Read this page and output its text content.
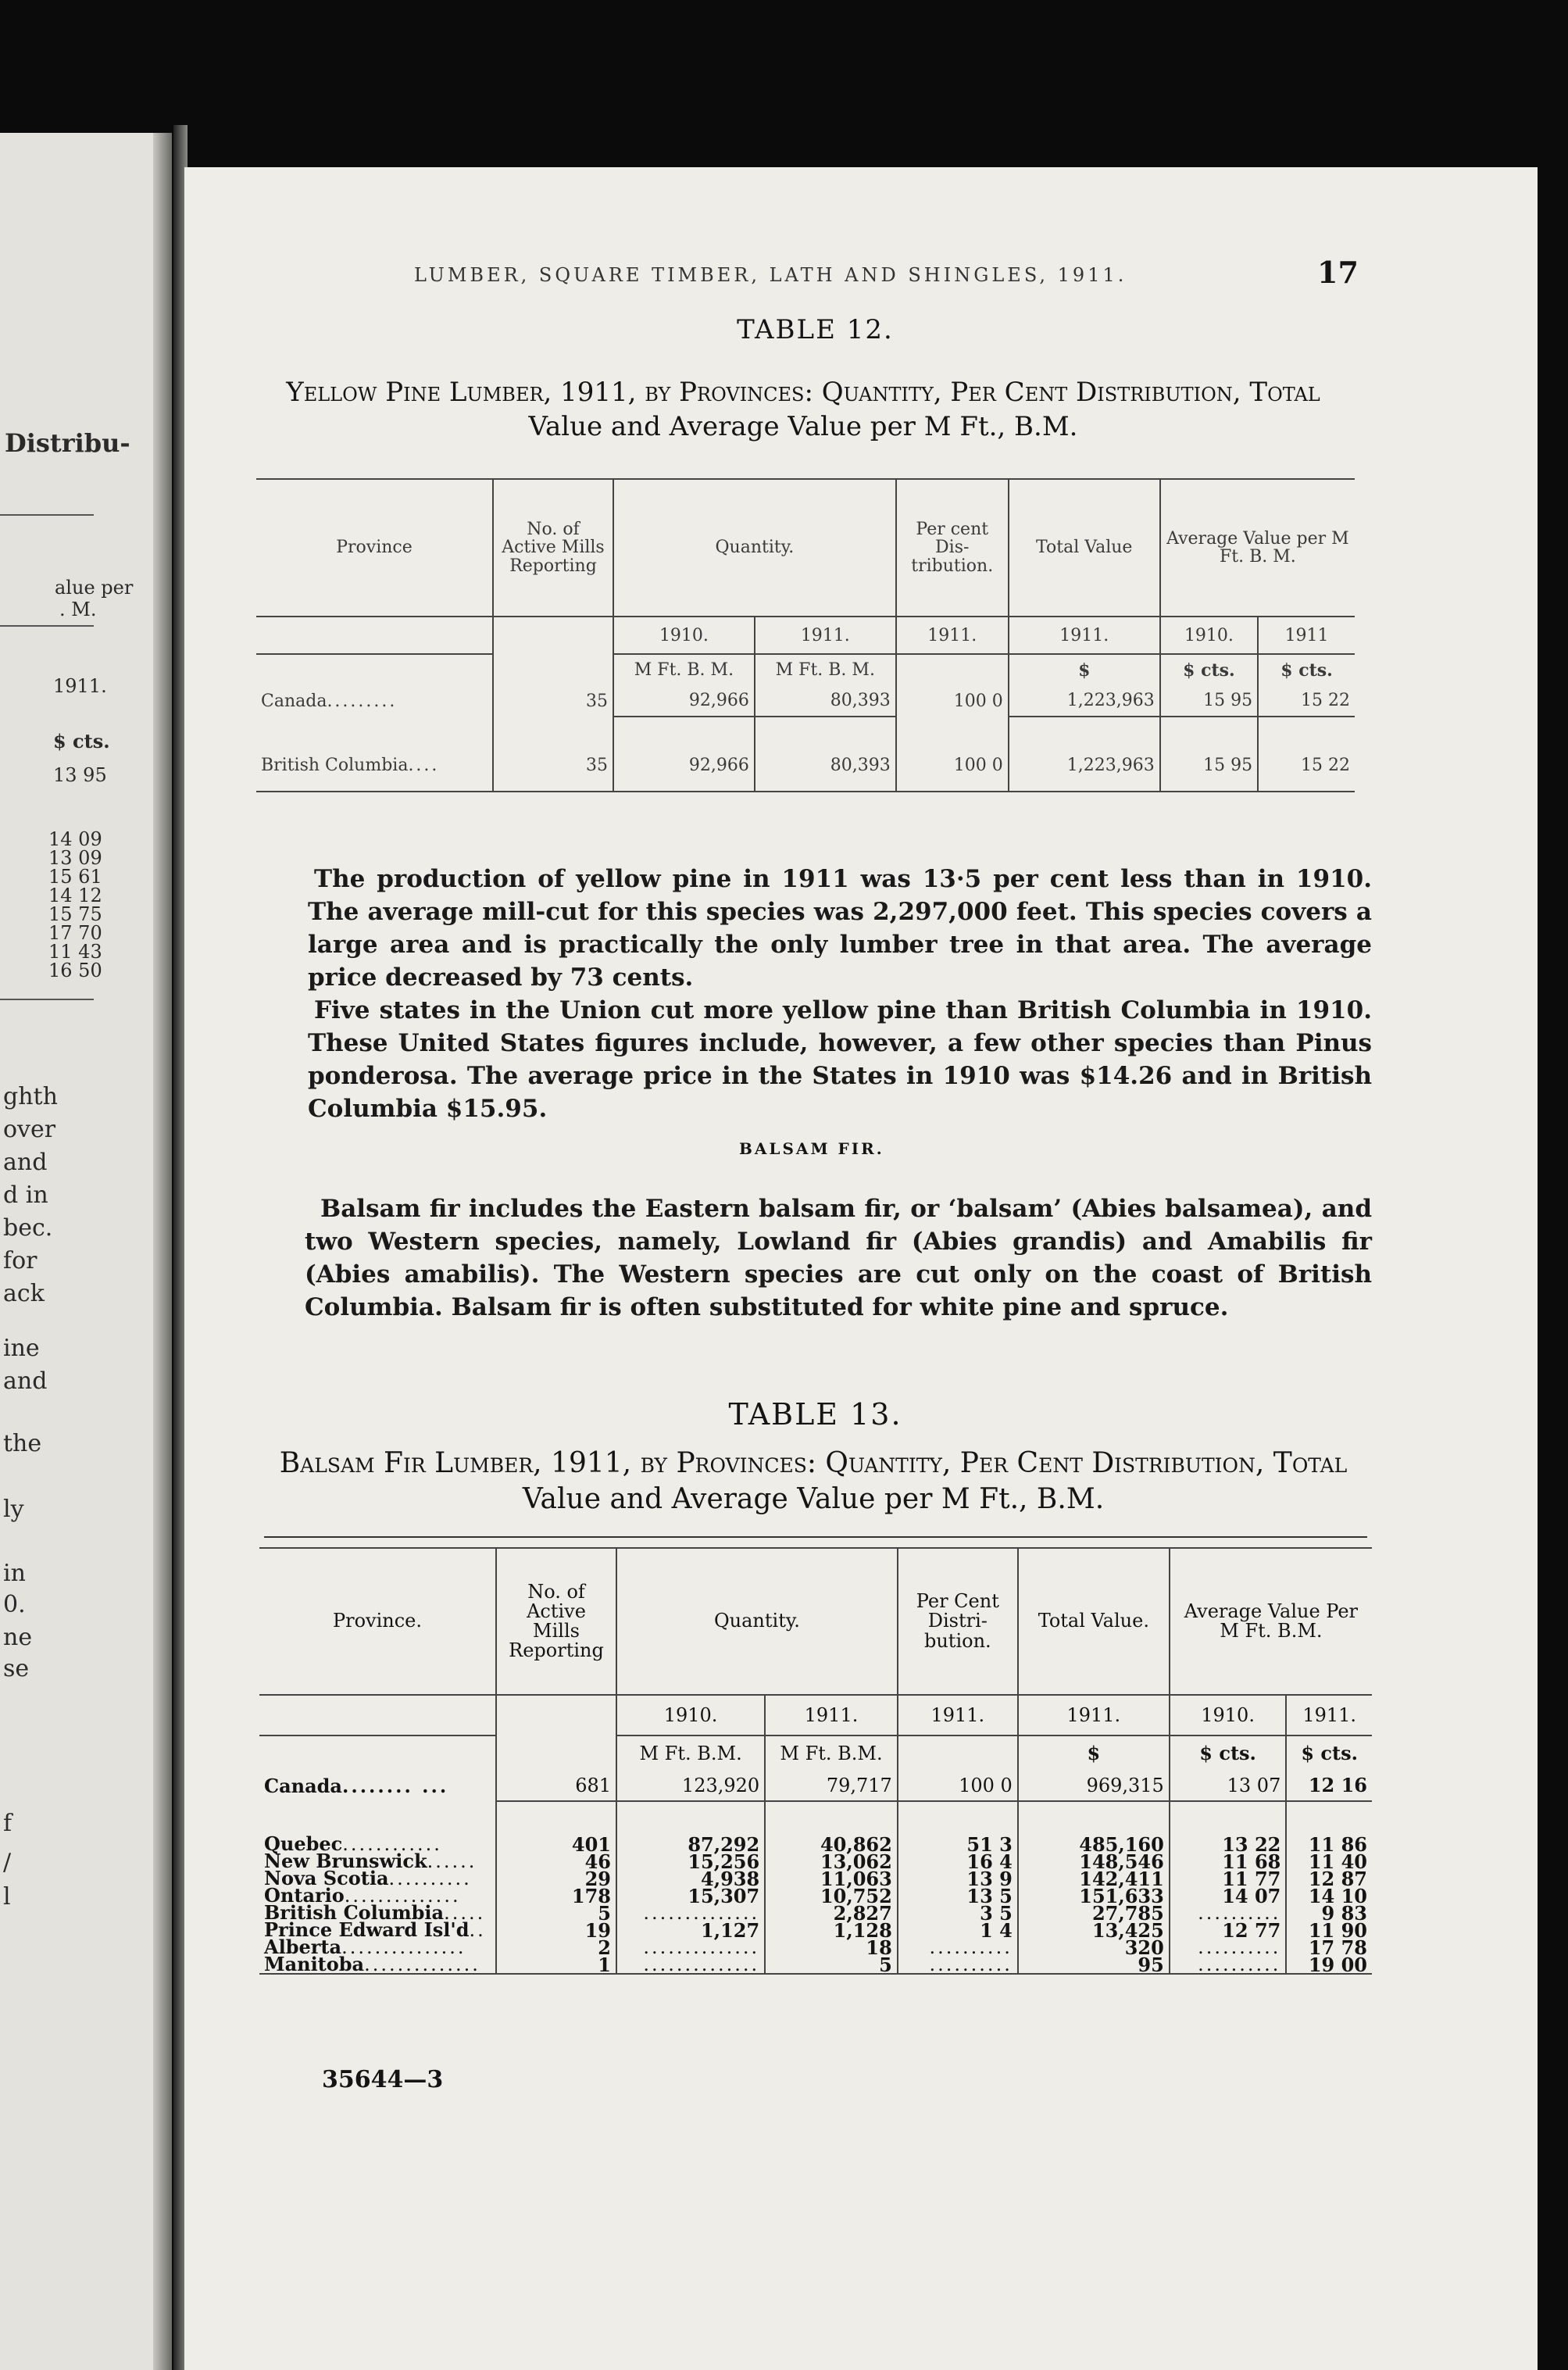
Distribu-
alue per
. M.
1911.
$ cts.
13 95
14 09
13 09
15 61
14 12
15 75
17 70
11 43
16 50
ghth
over
and
d in
bec.
for
ack
ine
and
the
ly
in
0.
ne
se
f
/
l
LUMBER, SQUARE TIMBER, LATH AND SHINGLES, 1911.	17
TABLE 12.
Yellow Pine Lumber, 1911, by Provinces: Quantity, Per Cent Distribution, Total
Value and Average Value per M Ft., B.M.
Province	No. of Active Mills Reporting	Quantity.		Per cent Dis-tribution.	Total Value	Average Value per M Ft. B. M.	
		1910.	1911.	1911.	1911.	1910.	1911
		M Ft. B. M.	M Ft. B. M.		$	$ cts.	$ cts.
Canada.........	35	92,966	80,393	100 0	1,223,963	15 95	15 22

British Columbia....	35	92,966	80,393	100 0	1,223,963	15 95	15 22

The production of yellow pine in 1911 was 13·5 per cent less than in 1910. The average mill-cut for this species was 2,297,000 feet. This species covers a large area and is practically the only lumber tree in that area. The average price decreased by 73 cents.

Five states in the Union cut more yellow pine than British Columbia in 1910. These United States figures include, however, a few other species than Pinus ponderosa. The average price in the States in 1910 was $14.26 and in British Columbia $15.95.

BALSAM FIR.

Balsam fir includes the Eastern balsam fir, or ‘balsam’ (Abies balsamea), and two Western species, namely, Lowland fir (Abies grandis) and Amabilis fir (Abies amabilis). The Western species are cut only on the coast of British Columbia. Balsam fir is often substituted for white pine and spruce.

TABLE 13.
Balsam Fir Lumber, 1911, by Provinces: Quantity, Per Cent Distribution, Total
Value and Average Value per M Ft., B.M.
Province.	No. of Active Mills Reporting	Quantity.		Per Cent Distri-bution.	Total Value.	Average Value Per M Ft. B.M.	
		1910.	1911.	1911.	1911.	1910.	1911.
		M Ft. B.M.	M Ft. B.M.		$	$ cts.	$ cts.
Canada........ ...	681	123,920	79,717	100 0	969,315	13 07	12 16

Quebec............	401	87,292	40,862	51 3	485,160	13 22	11 86
New Brunswick......	46	15,256	13,062	16 4	148,546	11 68	11 40
Nova Scotia..........	29	4,938	11,063	13 9	142,411	11 77	12 87
Ontario..............	178	15,307	10,752	13 5	151,633	14 07	14 10
British Columbia.....	5	..............	2,827	3 5	27,785	..........	9 83
Prince Edward Isl'd..	19	1,127	1,128	1 4	13,425	12 77	11 90
Alberta...............	2	..............	18	..........	320	..........	17 78
Manitoba..............	1	..............	5	..........	95	..........	19 00
35644—3
